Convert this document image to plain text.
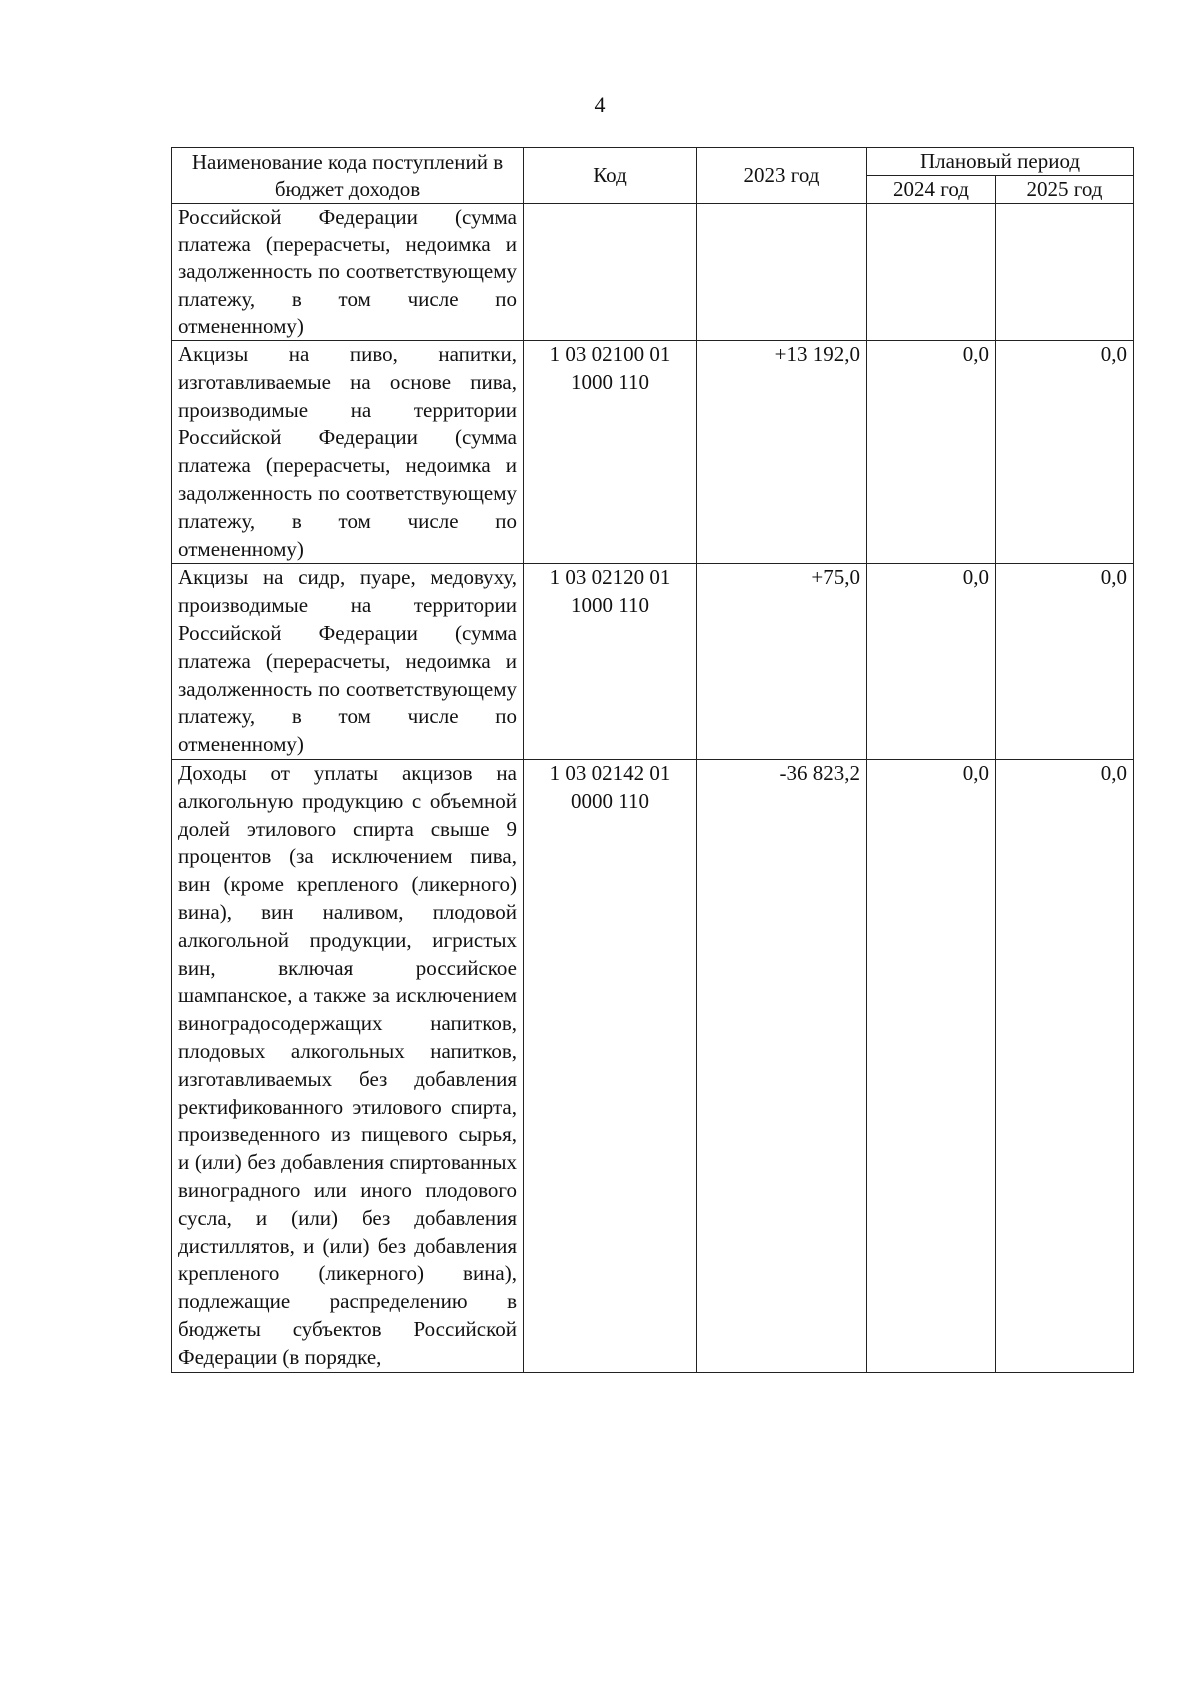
4
Наименование кода поступлений в бюджет доходов	Код	2023 год	Плановый период	
			2024 год	2025 год
Российской Федерации (сумма платежа (перерасчеты, недоимка и задолженность по соответствующему платежу, в том числе по отмененному)				
Акцизы на пиво, напитки, изготавливаемые на основе пива, производимые на территории Российской Федерации (сумма платежа (перерасчеты, недоимка и задолженность по соответствующему платежу, в том числе по отмененному)	1 03 02100 01 1000 110	+13 192,0	0,0	0,0
Акцизы на сидр, пуаре, медовуху, производимые на территории Российской Федерации (сумма платежа (перерасчеты, недоимка и задолженность по соответствующему платежу, в том числе по отмененному)	1 03 02120 01 1000 110	+75,0	0,0	0,0
Доходы от уплаты акцизов на алкогольную продукцию с объемной долей этилового спирта свыше 9 процентов (за исключением пива, вин (кроме крепленого (ликерного) вина), вин наливом, плодовой алкогольной продукции, игристых вин, включая российское шампанское, а также за исключением виноградосодержащих напитков, плодовых алкогольных напитков, изготавливаемых без добавления ректификованного этилового спирта, произведенного из пищевого сырья, и (или) без добавления спиртованных виноградного или иного плодового сусла, и (или) без добавления дистиллятов, и (или) без добавления крепленого (ликерного) вина), подлежащие распределению в бюджеты субъектов Российской Федерации (в порядке,	1 03 02142 01 0000 110	-36 823,2	0,0	0,0
